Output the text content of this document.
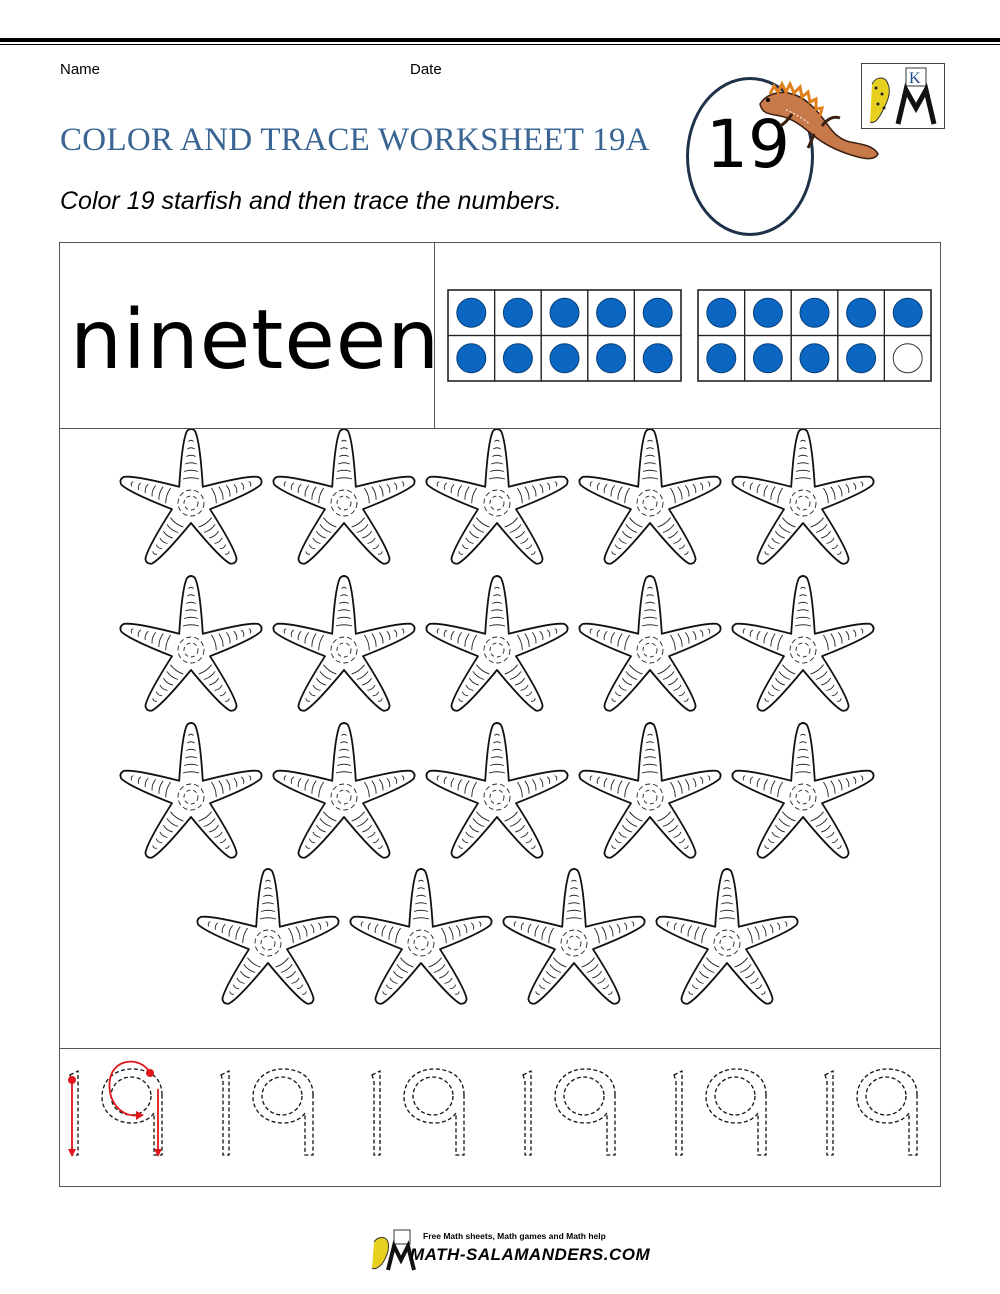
Name	Date
COLOR AND TRACE WORKSHEET 19A
Color 19 starfish and then trace the numbers.
19
K
nineteen
Free Math sheets, Math games and Math help
MATH-SALAMANDERS.COM
